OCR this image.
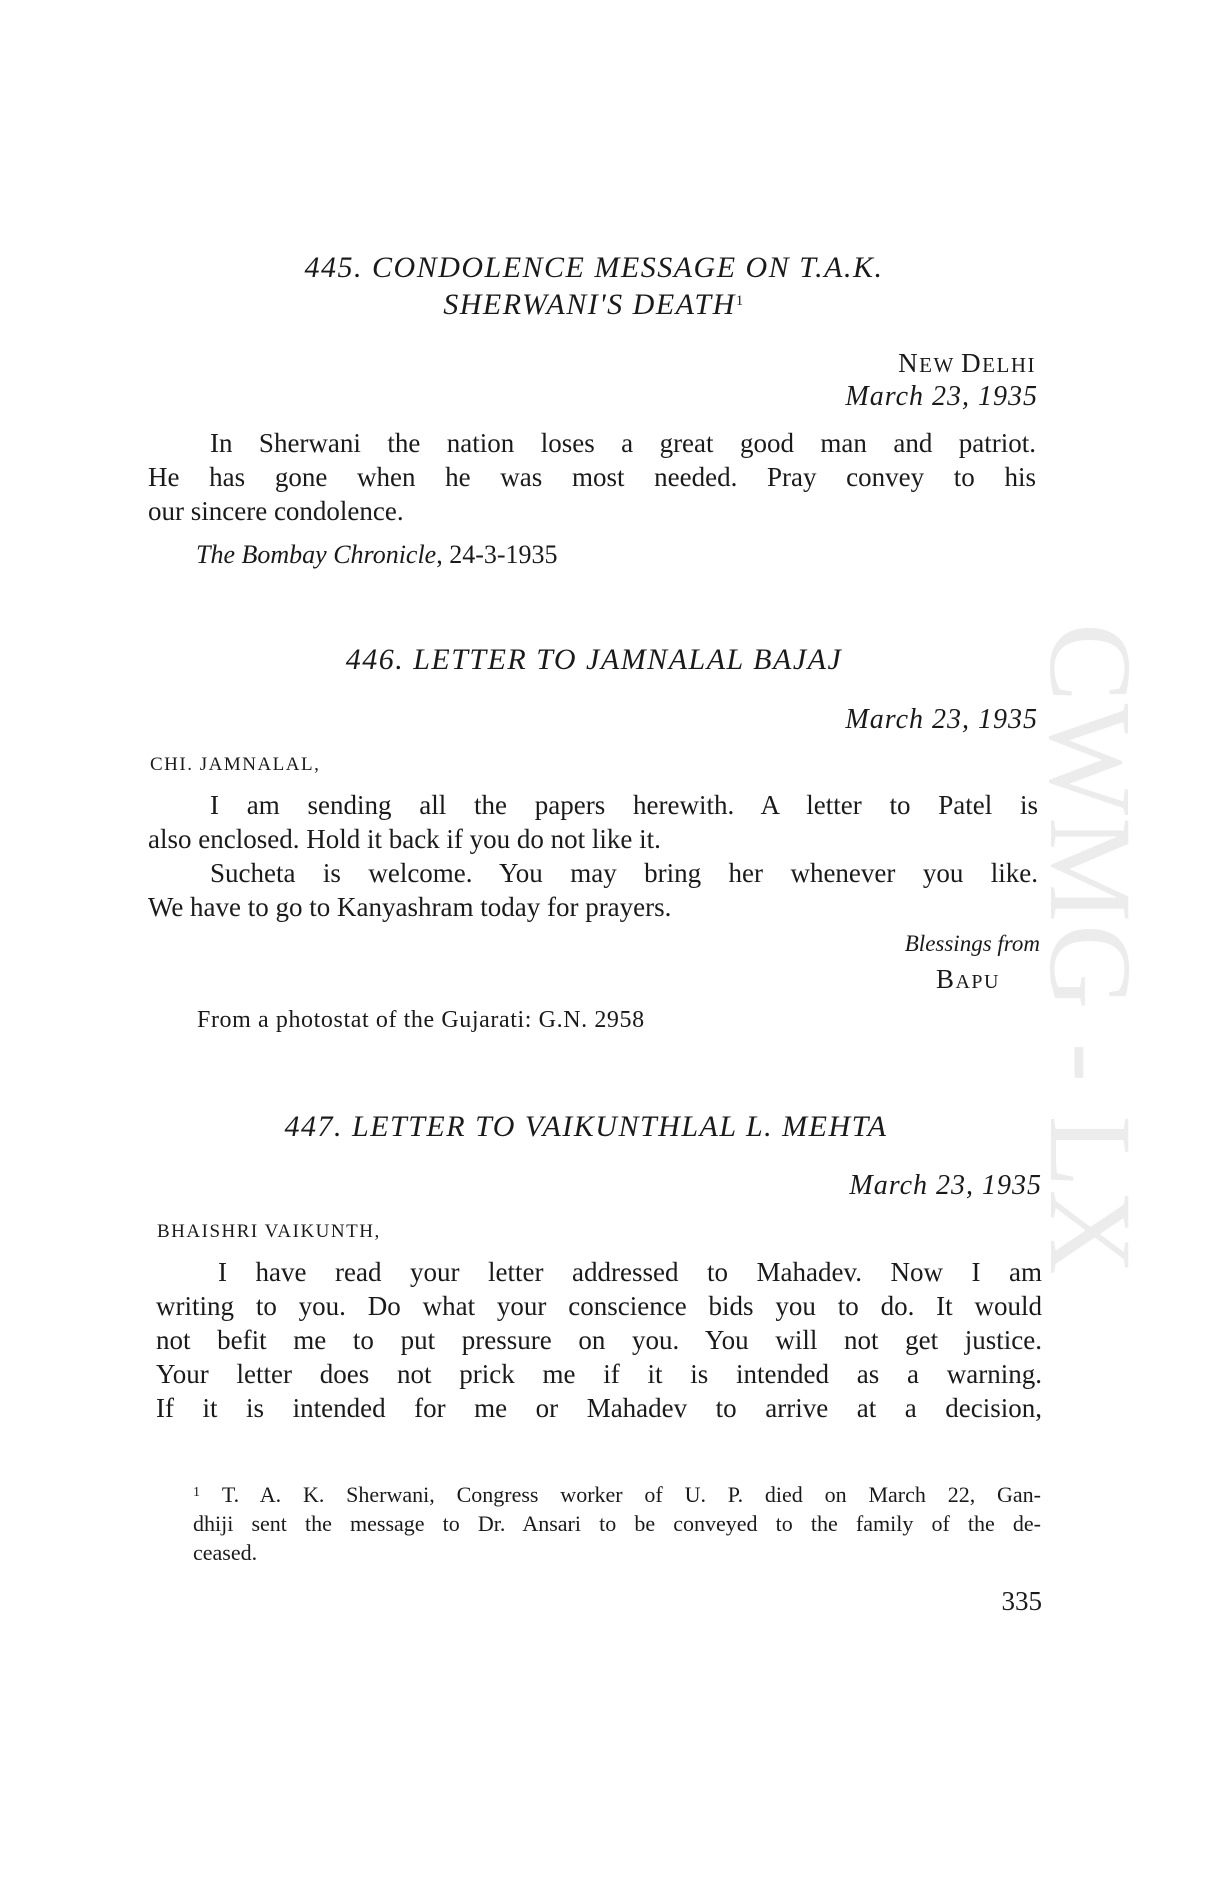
CWMG - LX
445. CONDOLENCE MESSAGE ON T.A.K.
SHERWANI'S DEATH$^1$
NEW DELHI
March 23, 1935
In Sherwani the nation loses a great good man and patriot.
He has gone when he was most needed. Pray convey to his
our sincere condolence.
The Bombay Chronicle, 24-3-1935
446. LETTER TO JAMNALAL BAJAJ
March 23, 1935
CHI. JAMNALAL,
I am sending all the papers herewith. A letter to Patel is
also enclosed. Hold it back if you do not like it.
Sucheta is welcome. You may bring her whenever you like.
We have to go to Kanyashram today for prayers.
Blessings from
BAPU
From a photostat of the Gujarati: G.N. 2958
447. LETTER TO VAIKUNTHLAL L. MEHTA
March 23, 1935
BHAISHRI VAIKUNTH,
I have read your letter addressed to Mahadev. Now I am
writing to you. Do what your conscience bids you to do. It would
not befit me to put pressure on you. You will not get justice.
Your letter does not prick me if it is intended as a warning.
If it is intended for me or Mahadev to arrive at a decision,
$^1$ T. A. K. Sherwani, Congress worker of U. P. died on March 22, Gan-
dhiji sent the message to Dr. Ansari to be conveyed to the family of the de-
ceased.
335
